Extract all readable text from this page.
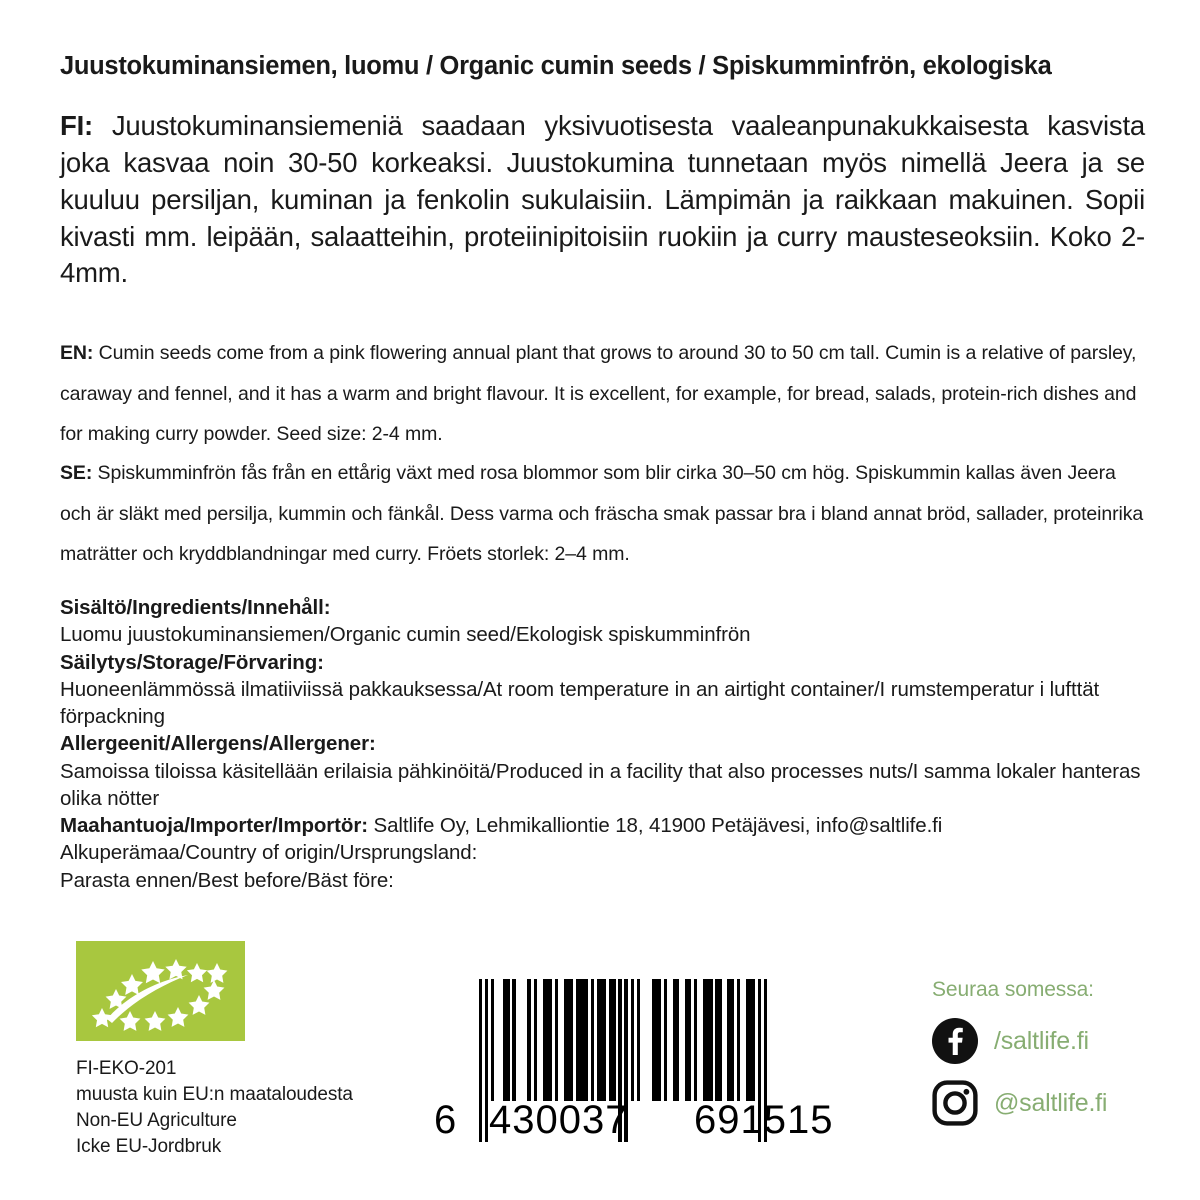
Juustokuminansiemen, luomu / Organic cumin seeds / Spiskumminfrön, ekologiska
FI: Juustokuminansiemeniä saadaan yksivuotisesta vaaleanpunakukkaisesta kasvista joka kasvaa noin 30-50 korkeaksi. Juustokumina tunnetaan myös nimellä Jeera ja se kuuluu persiljan, kuminan ja fenkolin sukulaisiin. Lämpimän ja raikkaan makuinen. Sopii kivasti mm. leipään, salaatteihin, proteiinipitoisiin ruokiin ja curry mausteseoksiin. Koko 2-4mm.
EN: Cumin seeds come from a pink flowering annual plant that grows to around 30 to 50 cm tall. Cumin is a relative of parsley, caraway and fennel, and it has a warm and bright flavour. It is excellent, for example, for bread, salads, protein-rich dishes and for making curry powder. Seed size: 2-4 mm.
SE: Spiskumminfrön fås från en ettårig växt med rosa blommor som blir cirka 30–50 cm hög. Spiskummin kallas även Jeera och är släkt med persilja, kummin och fänkål. Dess varma och fräscha smak passar bra i bland annat bröd, sallader, proteinrika maträtter och kryddblandningar med curry. Fröets storlek: 2–4 mm.
Sisältö/Ingredients/Innehåll:
Luomu juustokuminansiemen/Organic cumin seed/Ekologisk spiskumminfrön
Säilytys/Storage/Förvaring:
Huoneenlämmössä ilmatiiviissä pakkauksessa/At room temperature in an airtight container/I rumstemperatur i lufttät förpackning
Allergeenit/Allergens/Allergener:
Samoissa tiloissa käsitellään erilaisia pähkinöitä/Produced in a facility that also processes nuts/I samma lokaler hanteras olika nötter
Maahantuoja/Importer/Importör: Saltlife Oy, Lehmikalliontie 18, 41900 Petäjävesi, info@saltlife.fi
Alkuperämaa/Country of origin/Ursprungsland:
Parasta ennen/Best before/Bäst före:
FI-EKO-201
muusta kuin EU:n maataloudesta
Non-EU Agriculture
Icke EU-Jordbruk
6 430037 691515
Seuraa somessa:
/saltlife.fi
@saltlife.fi
